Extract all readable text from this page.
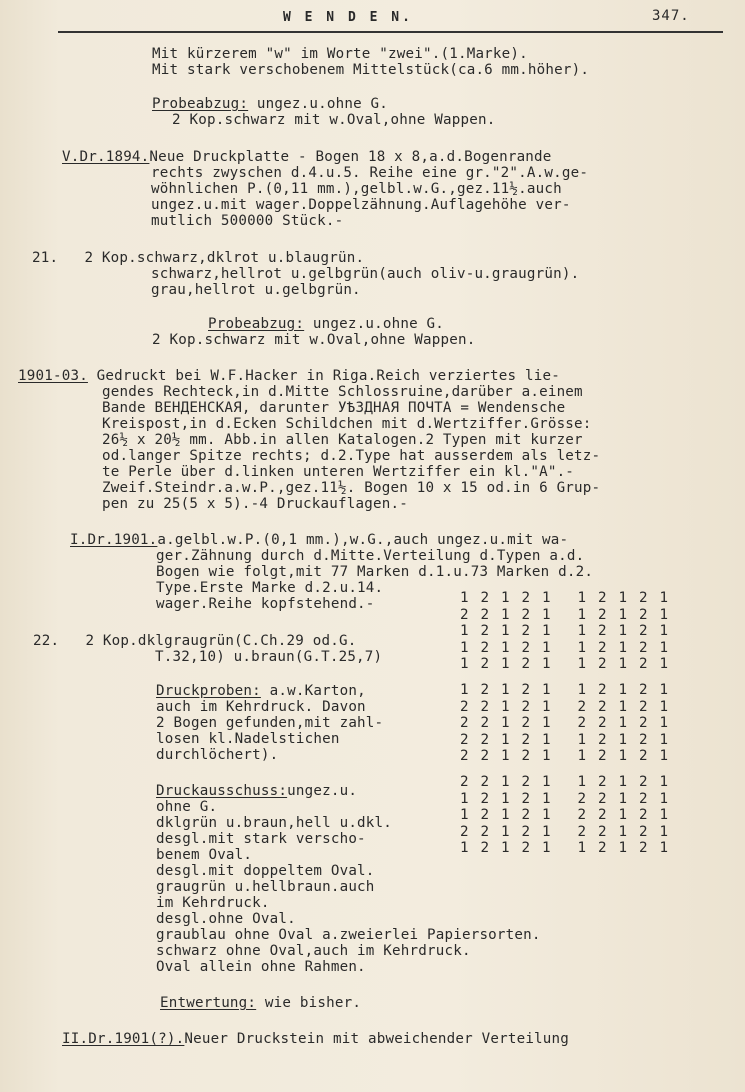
W E N D E N.	347.
Mit kürzerem "w" im Worte "zwei".(1.Marke).
Mit stark verschobenem Mittelstück(ca.6 mm.höher).
Probeabzug: ungez.u.ohne G.
2 Kop.schwarz mit w.Oval,ohne Wappen.
V.Dr.1894.Neue Druckplatte - Bogen 18 x 8,a.d.Bogenrande
rechts zwyschen d.4.u.5. Reihe eine gr."2".A.w.ge-
wöhnlichen P.(0,11 mm.),gelbl.w.G.,gez.11½.auch
ungez.u.mit wager.Doppelzähnung.Auflagehöhe ver-
mutlich 500000 Stück.-
21.   2 Kop.schwarz,dklrot u.blaugrün.
schwarz,hellrot u.gelbgrün(auch oliv-u.graugrün).
grau,hellrot u.gelbgrün.
Probeabzug: ungez.u.ohne G.
2 Kop.schwarz mit w.Oval,ohne Wappen.
1901-03. Gedruckt bei W.F.Hacker in Riga.Reich verziertes lie-
gendes Rechteck,in d.Mitte Schlossruine,darüber a.einem
Bande ВЕНДЕНСКАЯ, darunter УѢЗДНАЯ ПОЧТА = Wendensche
Kreispost,in d.Ecken Schildchen mit d.Wertziffer.Grösse:
26½ x 20½ mm. Abb.in allen Katalogen.2 Typen mit kurzer
od.langer Spitze rechts; d.2.Type hat ausserdem als letz-
te Perle über d.linken unteren Wertziffer ein kl."A".-
Zweif.Steindr.a.w.P.,gez.11½. Bogen 10 x 15 od.in 6 Grup-
pen zu 25(5 x 5).-4 Druckauflagen.-
I.Dr.1901.a.gelbl.w.P.(0,1 mm.),w.G.,auch ungez.u.mit wa-
ger.Zähnung durch d.Mitte.Verteilung d.Typen a.d.
Bogen wie folgt,mit 77 Marken d.1.u.73 Marken d.2.
Type.Erste Marke d.2.u.14.
wager.Reihe kopfstehend.-
22.   2 Kop.dklgraugrün(C.Ch.29 od.G.
T.32,10) u.braun(G.T.25,7)
Druckproben: a.w.Karton,
auch im Kehrdruck. Davon
2 Bogen gefunden,mit zahl-
losen kl.Nadelstichen
durchlöchert).
Druckausschuss:ungez.u.
ohne G.
dklgrün u.braun,hell u.dkl.
desgl.mit stark verscho-
benem Oval.
desgl.mit doppeltem Oval.
graugrün u.hellbraun.auch
im Kehrdruck.
desgl.ohne Oval.
graublau ohne Oval a.zweierlei Papiersorten.
schwarz ohne Oval,auch im Kehrdruck.
Oval allein ohne Rahmen.
Entwertung: wie bisher.
II.Dr.1901(?).Neuer Druckstein mit abweichender Verteilung
1 2 1 2 1 1 2 1 2 1
2 2 1 2 1 1 2 1 2 1
1 2 1 2 1 1 2 1 2 1
1 2 1 2 1 1 2 1 2 1
1 2 1 2 1 1 2 1 2 1
1 2 1 2 1 1 2 1 2 1
2 2 1 2 1 2 2 1 2 1
2 2 1 2 1 2 2 1 2 1
2 2 1 2 1 1 2 1 2 1
2 2 1 2 1 1 2 1 2 1
2 2 1 2 1 1 2 1 2 1
1 2 1 2 1 2 2 1 2 1
1 2 1 2 1 2 2 1 2 1
2 2 1 2 1 2 2 1 2 1
1 2 1 2 1 1 2 1 2 1
